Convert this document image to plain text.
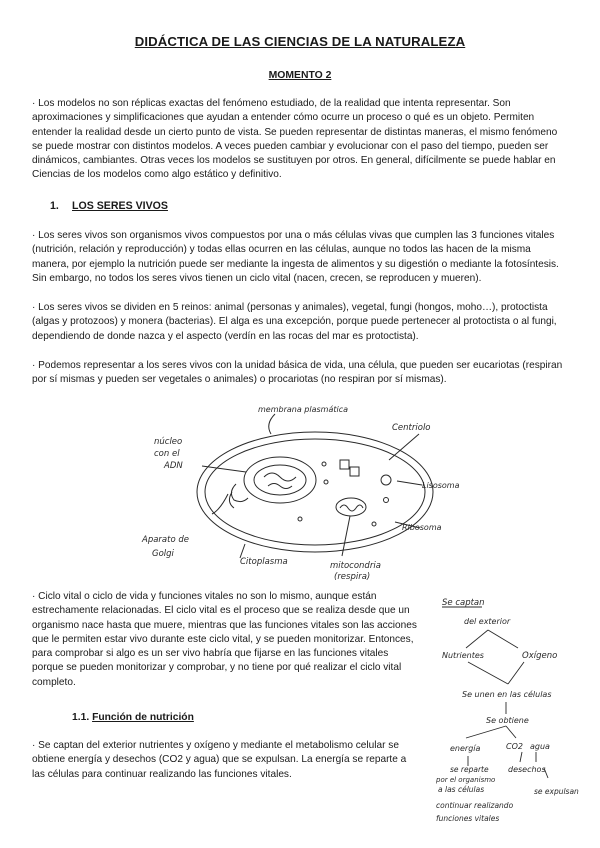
DIDÁCTICA DE LAS CIENCIAS DE LA NATURALEZA
MOMENTO 2

· Los modelos no son réplicas exactas del fenómeno estudiado, de la realidad que intenta representar. Son aproximaciones y simplificaciones que ayudan a entender cómo ocurre un proceso o qué es un objeto. Permiten entender la realidad desde un cierto punto de vista. Se pueden representar de distintas maneras, el mismo fenómeno se puede mostrar con distintos modelos. A veces pueden cambiar y evolucionar con el paso del tiempo, pueden ser dinámicos, cambiantes. Otras veces los modelos se sustituyen por otros. En general, difícilmente se puede hablar en Ciencias de los modelos como algo estático y definitivo.

1. LOS SERES VIVOS

· Los seres vivos son organismos vivos compuestos por una o más células vivas que cumplen las 3 funciones vitales (nutrición, relación y reproducción) y todas ellas ocurren en las células, aunque no todos las hacen de la misma manera, por ejemplo la nutrición puede ser mediante la ingesta de alimentos y su digestión o mediante la fotosíntesis. Sin embargo, no todos los seres vivos tienen un ciclo vital (nacen, crecen, se reproducen y mueren).

· Los seres vivos se dividen en 5 reinos: animal (personas y animales), vegetal, fungi (hongos, moho…), protoctista (algas y protozoos) y monera (bacterias). El alga es una excepción, porque puede pertenecer al protoctista o al fungi, dependiendo de donde nazca y el aspecto (verdín en las rocas del mar es protoctista).

· Podemos representar a los seres vivos con la unidad básica de vida, una célula, que pueden ser eucariotas (respiran por sí mismas y pueden ser vegetales o animales) o procariotas (no respiran por sí mismas).

membrana plasmática
Centriolo
núcleo
con el
ADN
Lisosoma
Ribosoma
Aparato de
Golgi
Citoplasma	mitocondria
(respira)

· Ciclo vital o ciclo de vida y funciones vitales no son lo mismo, aunque están estrechamente relacionadas. El ciclo vital es el proceso que se realiza desde que un organismo nace hasta que muere, mientras que las funciones vitales son las acciones que le permiten estar vivo durante este ciclo vital, y se pueden monitorizar. Entonces, para comprobar si algo es un ser vivo habría que fijarse en las funciones vitales porque se pueden monitorizar y comprobar, y no tiene por qué realizar el ciclo vital completo.

1.1. Función de nutrición

· Se captan del exterior nutrientes y oxígeno y mediante el metabolismo celular se obtiene energía y desechos (CO2 y agua) que se expulsan. La energía se reparte a las células para continuar realizando las funciones vitales.

Se captan
del exterior
Nutrientes	Oxígeno
Se unen en las células
Se obtiene
energía	CO2 agua
desechos
se expulsan
se reparte
por el organismo
a las células
continuar realizando
funciones vitales
